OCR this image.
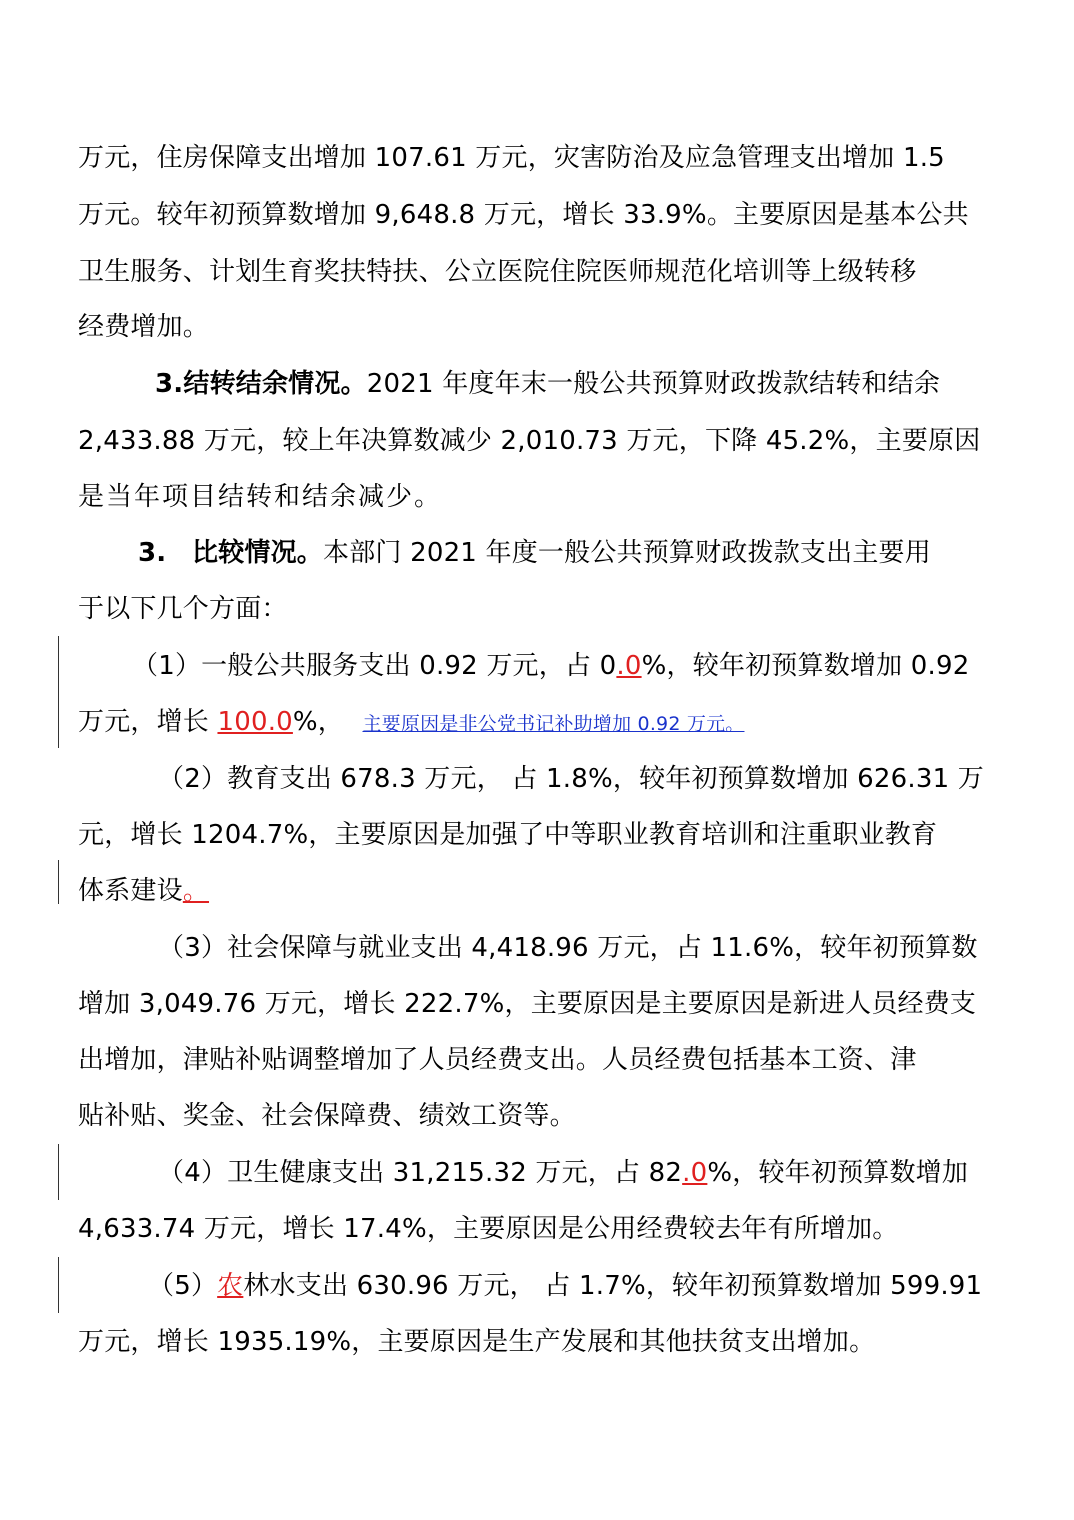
万元，住房保障支出增加 107.61 万元，灾害防治及应急管理支出增加 1.5
万元。较年初预算数增加 9,648.8 万元，增长 33.9%。主要原因是基本公共
卫生服务、计划生育奖扶特扶、公立医院住院医师规范化培训等上级转移
经费增加。
3.结转结余情况。2021 年度年末一般公共预算财政拨款结转和结余
2,433.88 万元，较上年决算数减少 2,010.73 万元，下降 45.2%，主要原因
是当年项目结转和结余减少。
3. 比较情况。本部门 2021 年度一般公共预算财政拨款支出主要用
于以下几个方面：
（1）一般公共服务支出 0.92 万元，占 0.0%，较年初预算数增加 0.92
万元，增长 100.0%， 主要原因是非公党书记补助增加 0.92 万元。
（2）教育支出 678.3 万元， 占 1.8%，较年初预算数增加 626.31 万
元，增长 1204.7%，主要原因是加强了中等职业教育培训和注重职业教育
体系建设。
（3）社会保障与就业支出 4,418.96 万元，占 11.6%，较年初预算数
增加 3,049.76 万元，增长 222.7%，主要原因是主要原因是新进人员经费支
出增加，津贴补贴调整增加了人员经费支出。人员经费包括基本工资、津
贴补贴、奖金、社会保障费、绩效工资等。
（4）卫生健康支出 31,215.32 万元，占 82.0%，较年初预算数增加
4,633.74 万元，增长 17.4%，主要原因是公用经费较去年有所增加。
（5）农林水支出 630.96 万元， 占 1.7%，较年初预算数增加 599.91
万元，增长 1935.19%，主要原因是生产发展和其他扶贫支出增加。
